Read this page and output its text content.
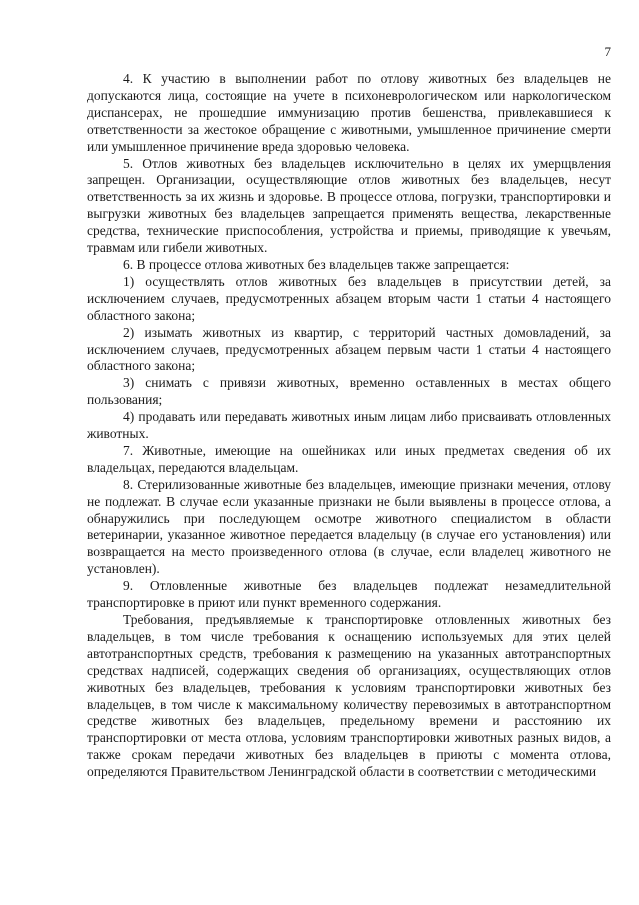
7

4. К участию в выполнении работ по отлову животных без владельцев не допускаются лица, состоящие на учете в психоневрологическом или наркологическом диспансерах, не прошедшие иммунизацию против бешенства, привлекавшиеся к ответственности за жестокое обращение с животными, умышленное причинение смерти или умышленное причинение вреда здоровью человека.

5. Отлов животных без владельцев исключительно в целях их умерщвления запрещен. Организации, осуществляющие отлов животных без владельцев, несут ответственность за их жизнь и здоровье. В процессе отлова, погрузки, транспортировки и выгрузки животных без владельцев запрещается применять вещества, лекарственные средства, технические приспособления, устройства и приемы, приводящие к увечьям, травмам или гибели животных.

6. В процессе отлова животных без владельцев также запрещается:

1) осуществлять отлов животных без владельцев в присутствии детей, за исключением случаев, предусмотренных абзацем вторым части 1 статьи 4 настоящего областного закона;

2) изымать животных из квартир, с территорий частных домовладений, за исключением случаев, предусмотренных абзацем первым части 1 статьи 4 настоящего областного закона;

3) снимать с привязи животных, временно оставленных в местах общего пользования;

4) продавать или передавать животных иным лицам либо присваивать отловленных животных.

7. Животные, имеющие на ошейниках или иных предметах сведения об их владельцах, передаются владельцам.

8. Стерилизованные животные без владельцев, имеющие признаки мечения, отлову не подлежат. В случае если указанные признаки не были выявлены в процессе отлова, а обнаружились при последующем осмотре животного специалистом в области ветеринарии, указанное животное передается владельцу (в случае его установления) или возвращается на место произведенного отлова (в случае, если владелец животного не установлен).

9. Отловленные животные без владельцев подлежат незамедлительной транспортировке в приют или пункт временного содержания.

Требования, предъявляемые к транспортировке отловленных животных без владельцев, в том числе требования к оснащению используемых для этих целей автотранспортных средств, требования к размещению на указанных автотранспортных средствах надписей, содержащих сведения об организациях, осуществляющих отлов животных без владельцев, требования к условиям транспортировки животных без владельцев, в том числе к максимальному количеству перевозимых в автотранспортном средстве животных без владельцев, предельному времени и расстоянию их транспортировки от места отлова, условиям транспортировки животных разных видов, а также срокам передачи животных без владельцев в приюты с момента отлова, определяются Правительством Ленинградской области в соответствии с методическими
